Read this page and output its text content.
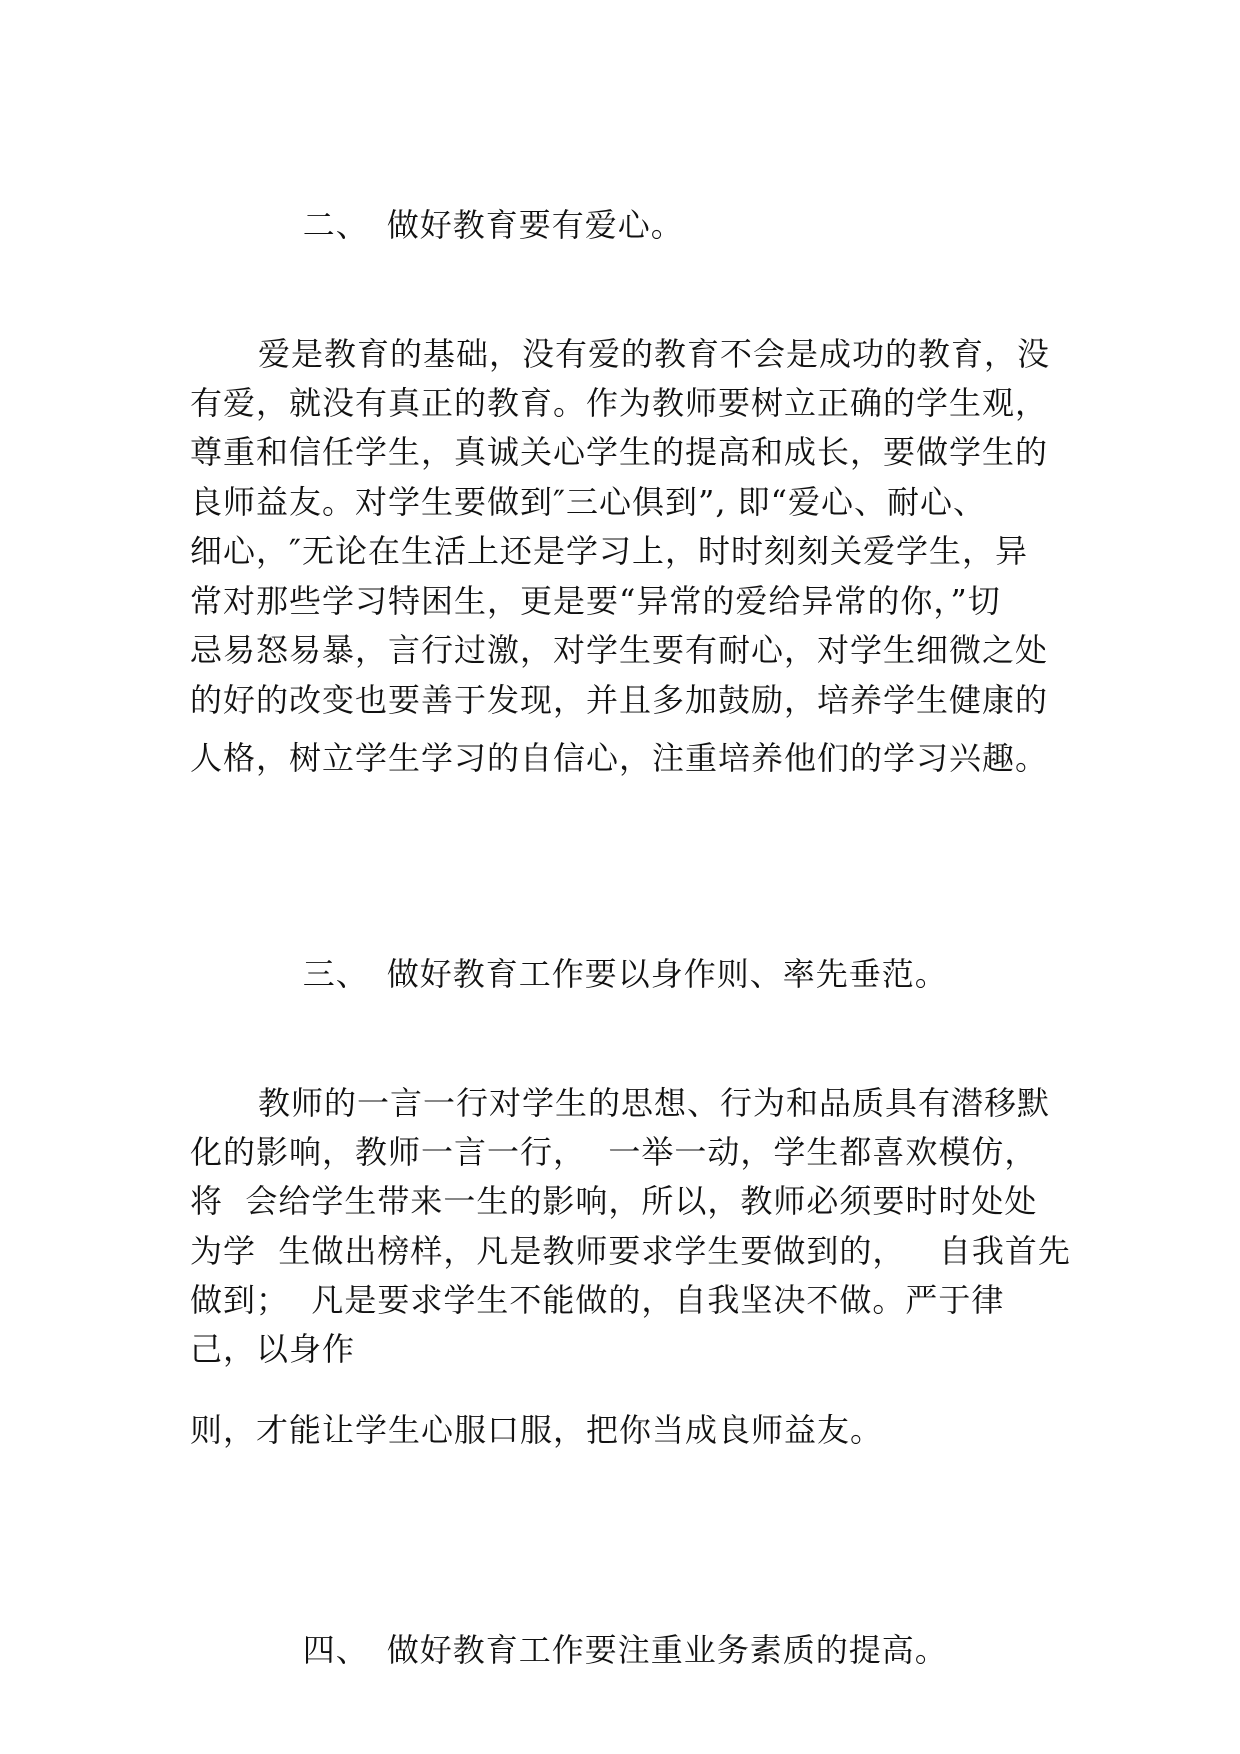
二、 做好教育要有爱心。

爱是教育的基础，没有爱的教育不会是成功的教育，没
有爱，就没有真正的教育。作为教师要树立正确的学生观，
尊重和信任学生，真诚关心学生的提高和成长，要做学生的
良师益友。对学生要做到″三心俱到”, 即“爱心、耐心、
细心，″无论在生活上还是学习上，时时刻刻关爱学生，异
常对那些学习特困生，更是要“异常的爱给异常的你，”切
忌易怒易暴，言行过激，对学生要有耐心，对学生细微之处
的好的改变也要善于发现，并且多加鼓励，培养学生健康的
人格，树立学生学习的自信心，注重培养他们的学习兴趣。

三、 做好教育工作要以身作则、率先垂范。

教师的一言一行对学生的思想、行为和品质具有潜移默
化的影响，教师一言一行，  一举一动，学生都喜欢模仿，
将  会给学生带来一生的影响，所以，教师必须要时时处处
为学  生做出榜样，凡是教师要求学生要做到的，   自我首先
做到；  凡是要求学生不能做的，自我坚决不做。严于律
己，以身作
则，才能让学生心服口服，把你当成良师益友。

四、 做好教育工作要注重业务素质的提高。
